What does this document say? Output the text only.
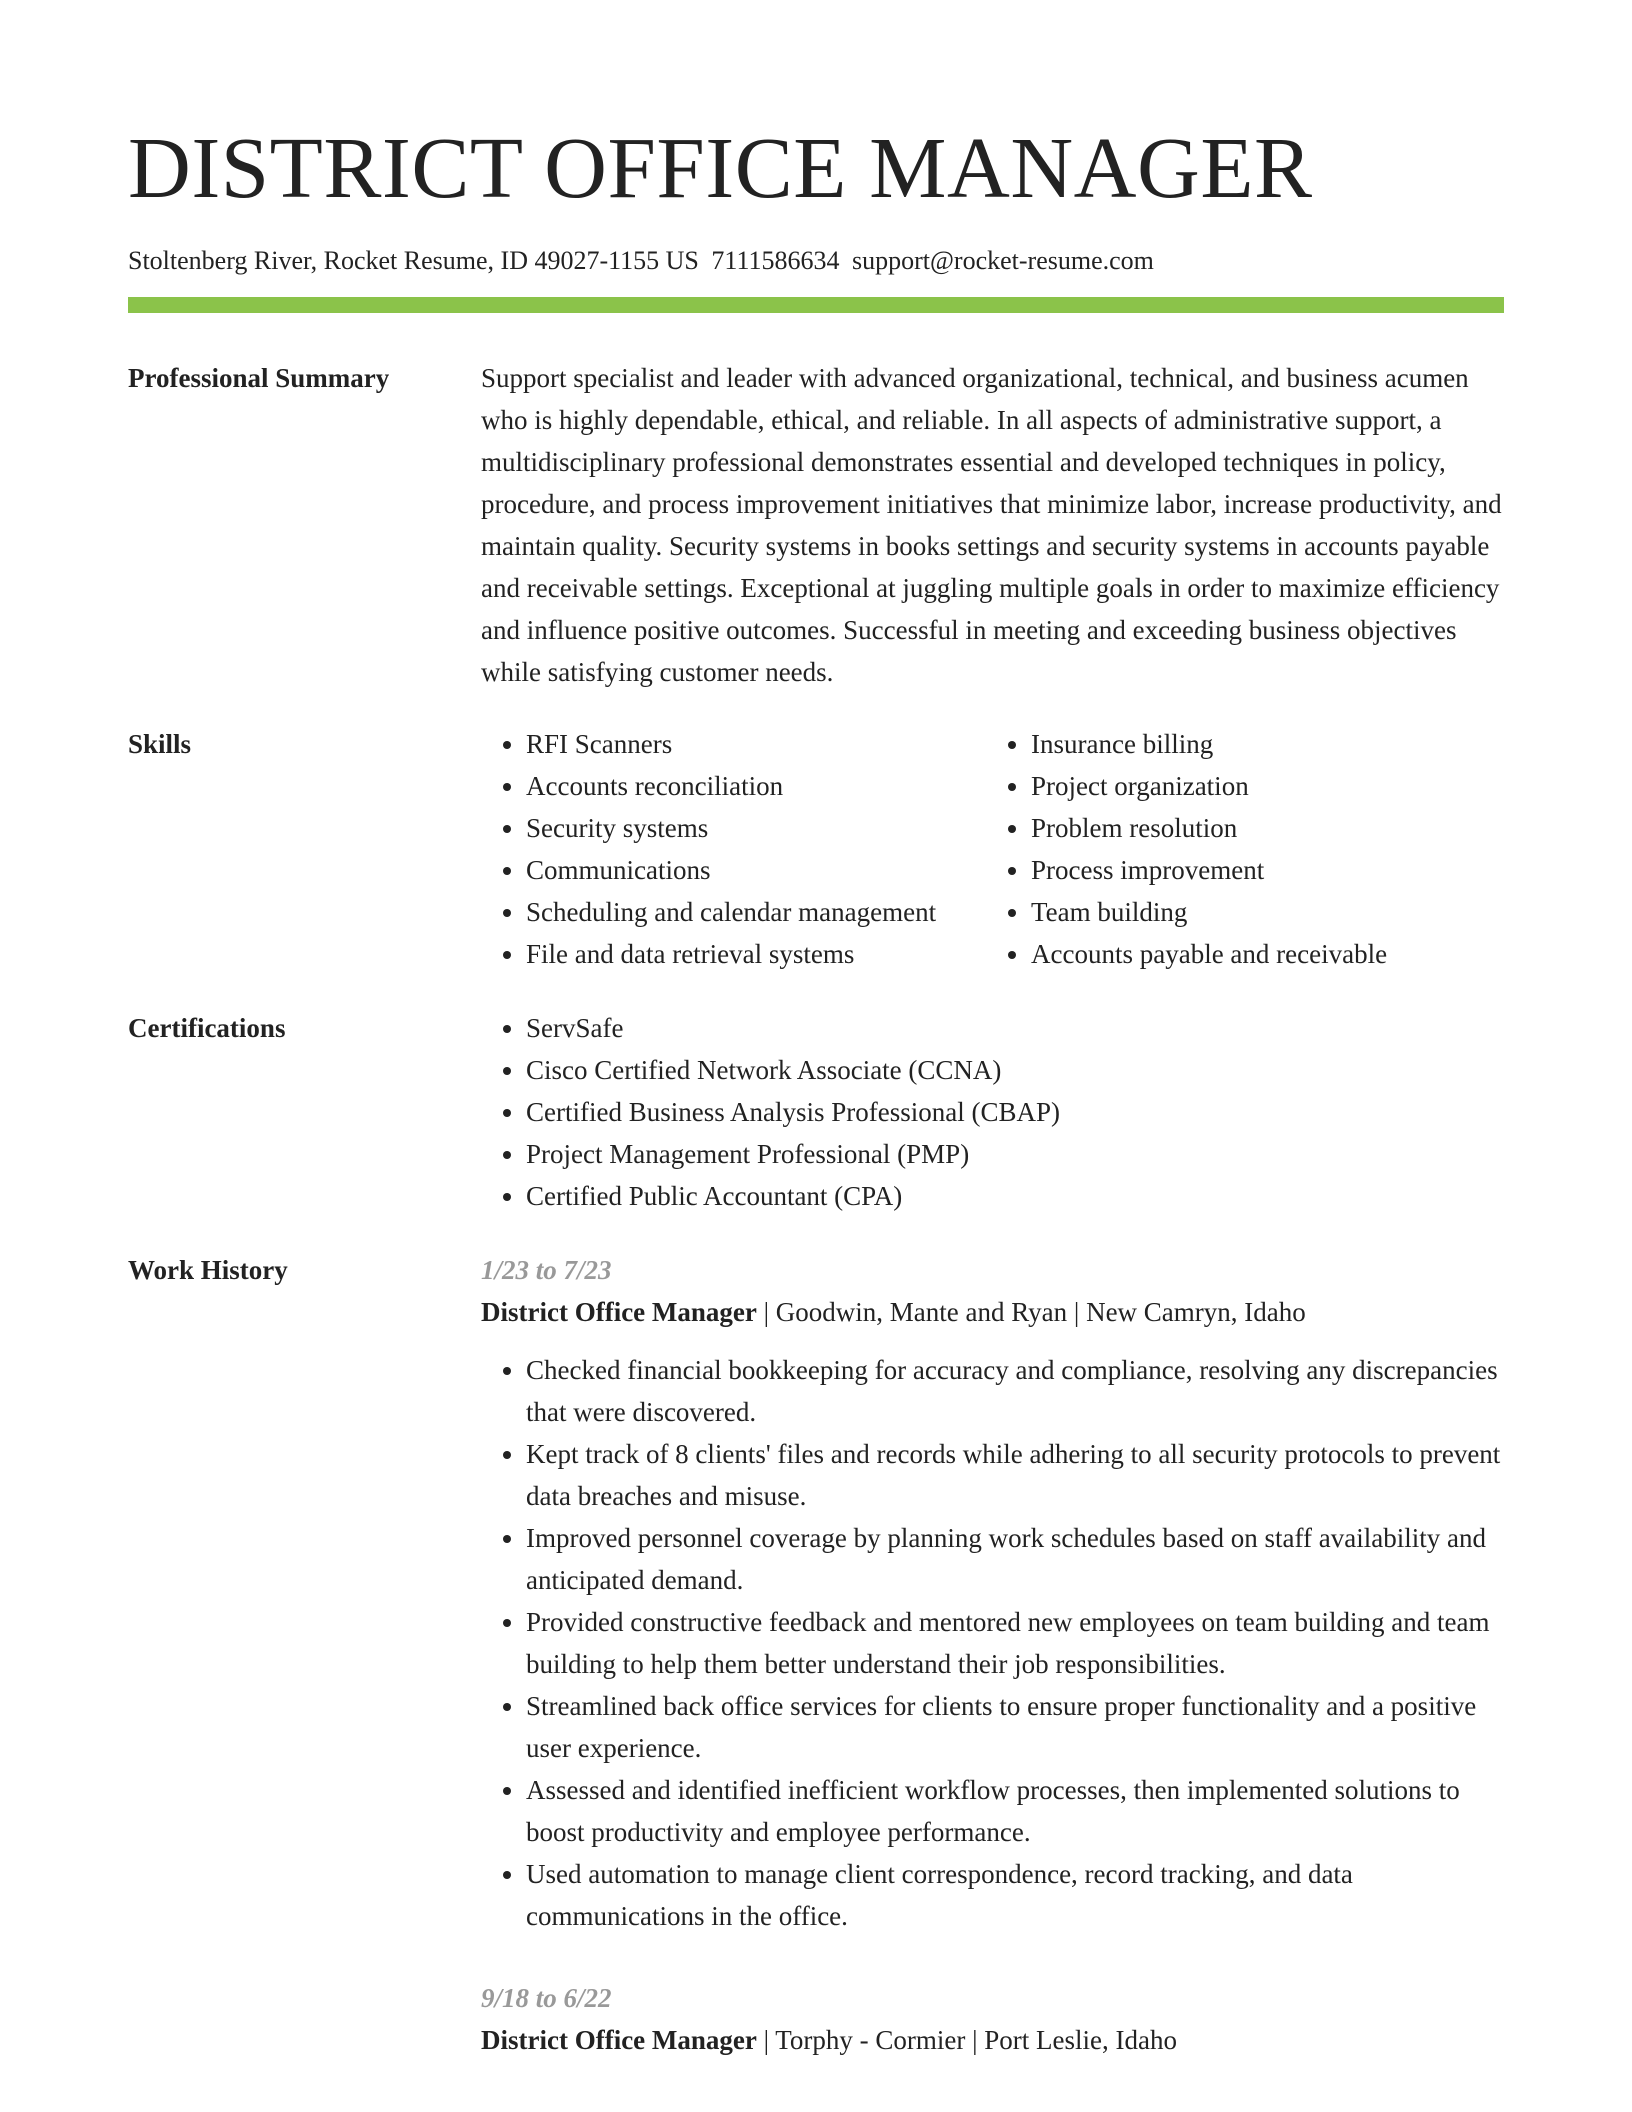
DISTRICT OFFICE MANAGER
Stoltenberg River, Rocket Resume, ID 49027-1155 US 7111586634 support@rocket-resume.com
Professional Summary	Support specialist and leader with advanced organizational, technical, and business acumen who is highly dependable, ethical, and reliable. In all aspects of administrative support, a multidisciplinary professional demonstrates essential and developed techniques in policy, procedure, and process improvement initiatives that minimize labor, increase productivity, and maintain quality. Security systems in books settings and security systems in accounts payable and receivable settings. Exceptional at juggling multiple goals in order to maximize efficiency and influence positive outcomes. Successful in meeting and exceeding business objectives while satisfying customer needs.

Skills	• RFI Scanners
• Accounts reconciliation
• Security systems
• Communications
• Scheduling and calendar management
• File and data retrieval systems
• Insurance billing
• Project organization
• Problem resolution
• Process improvement
• Team building
• Accounts payable and receivable
Certifications	• ServSafe
• Cisco Certified Network Associate (CCNA)
• Certified Business Analysis Professional (CBAP)
• Project Management Professional (PMP)
• Certified Public Accountant (CPA)
Work History	1/23 to 7/23
District Office Manager | Goodwin, Mante and Ryan | New Camryn, Idaho
• Checked financial bookkeeping for accuracy and compliance, resolving any discrepancies that were discovered.
• Kept track of 8 clients' files and records while adhering to all security protocols to prevent data breaches and misuse.
• Improved personnel coverage by planning work schedules based on staff availability and anticipated demand.
• Provided constructive feedback and mentored new employees on team building and team building to help them better understand their job responsibilities.
• Streamlined back office services for clients to ensure proper functionality and a positive user experience.
• Assessed and identified inefficient workflow processes, then implemented solutions to boost productivity and employee performance.
• Used automation to manage client correspondence, record tracking, and data communications in the office.
9/18 to 6/22
District Office Manager | Torphy - Cormier | Port Leslie, Idaho
